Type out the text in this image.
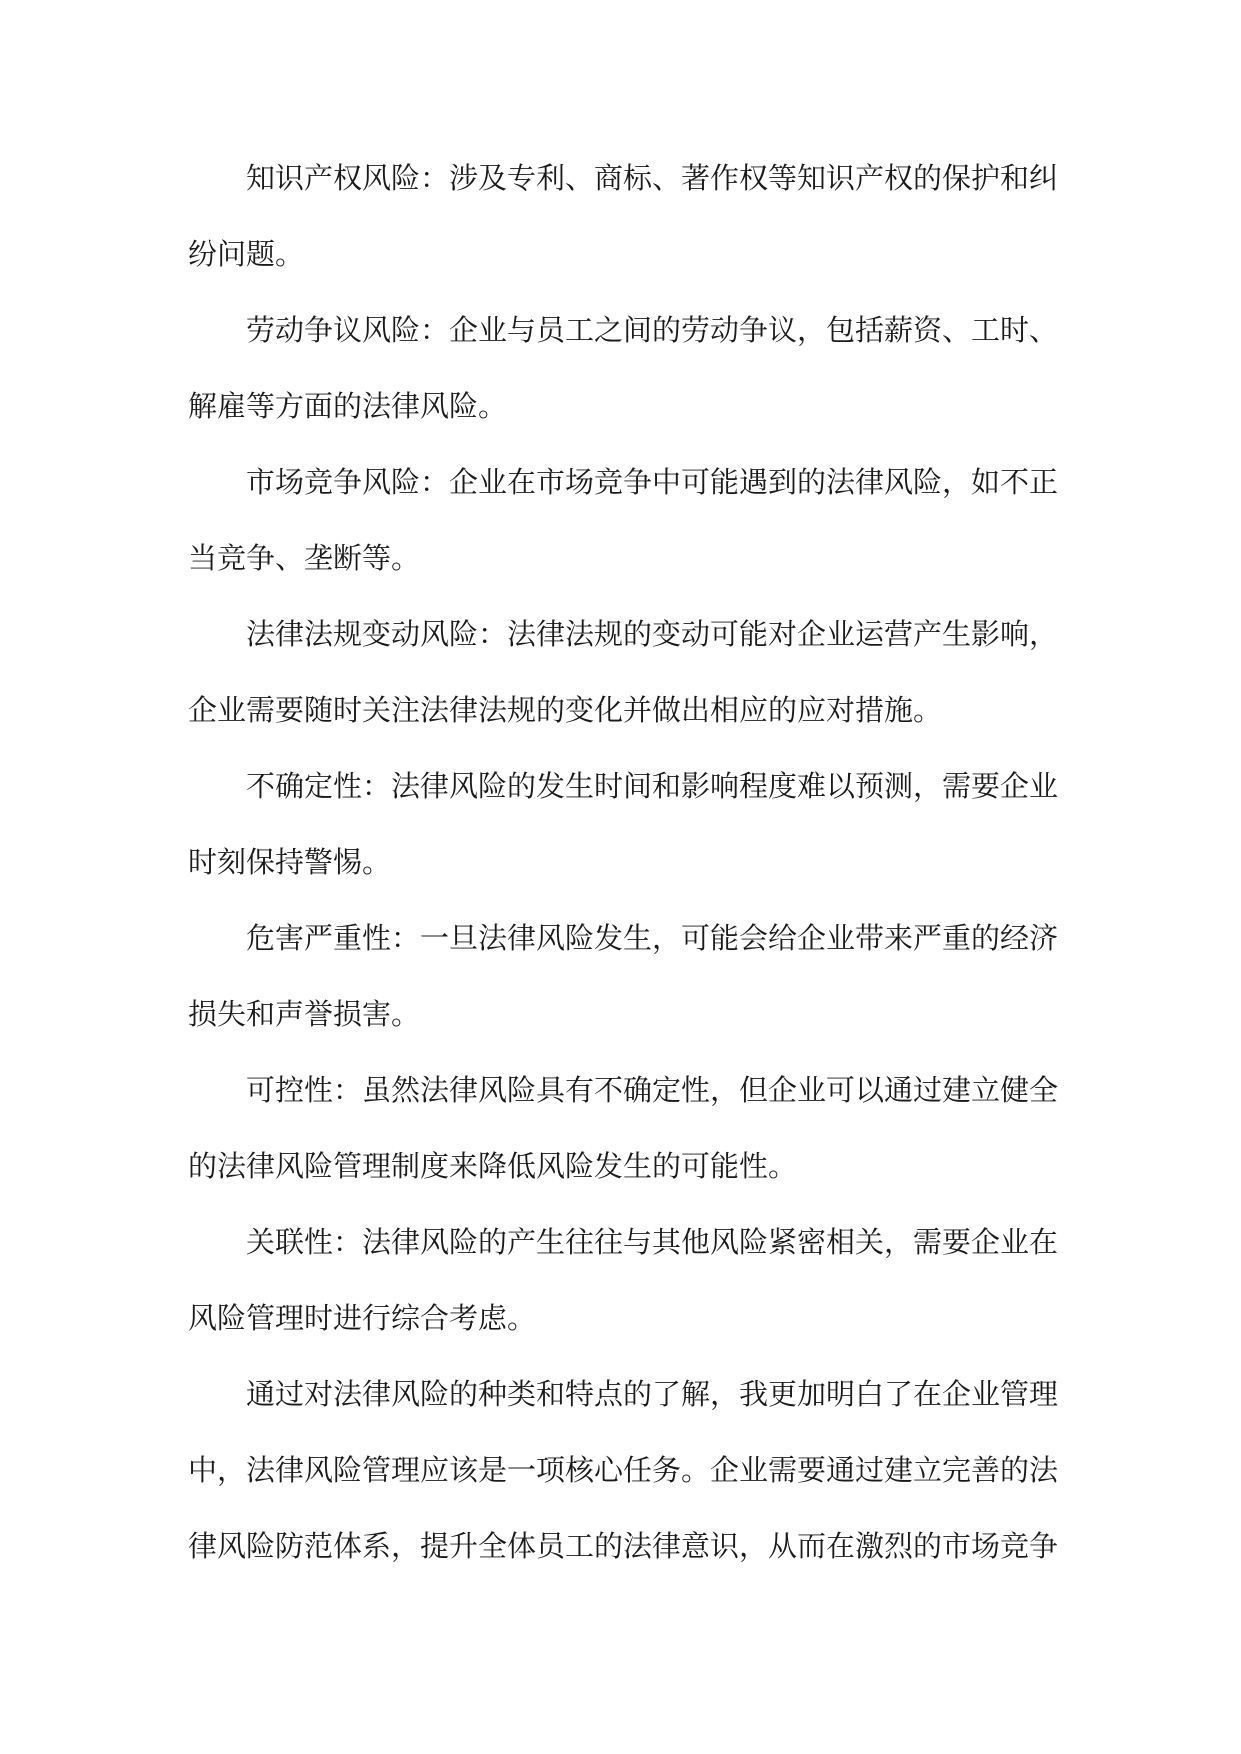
知识产权风险：涉及专利、商标、著作权等知识产权的保护和纠纷问题。

劳动争议风险：企业与员工之间的劳动争议，包括薪资、工时、解雇等方面的法律风险。

市场竞争风险：企业在市场竞争中可能遇到的法律风险，如不正当竞争、垄断等。

法律法规变动风险：法律法规的变动可能对企业运营产生影响，企业需要随时关注法律法规的变化并做出相应的应对措施。

不确定性：法律风险的发生时间和影响程度难以预测，需要企业时刻保持警惕。

危害严重性：一旦法律风险发生，可能会给企业带来严重的经济损失和声誉损害。

可控性：虽然法律风险具有不确定性，但企业可以通过建立健全的法律风险管理制度来降低风险发生的可能性。

关联性：法律风险的产生往往与其他风险紧密相关，需要企业在风险管理时进行综合考虑。

通过对法律风险的种类和特点的了解，我更加明白了在企业管理中，法律风险管理应该是一项核心任务。企业需要通过建立完善的法律风险防范体系，提升全体员工的法律意识，从而在激烈的市场竞争
